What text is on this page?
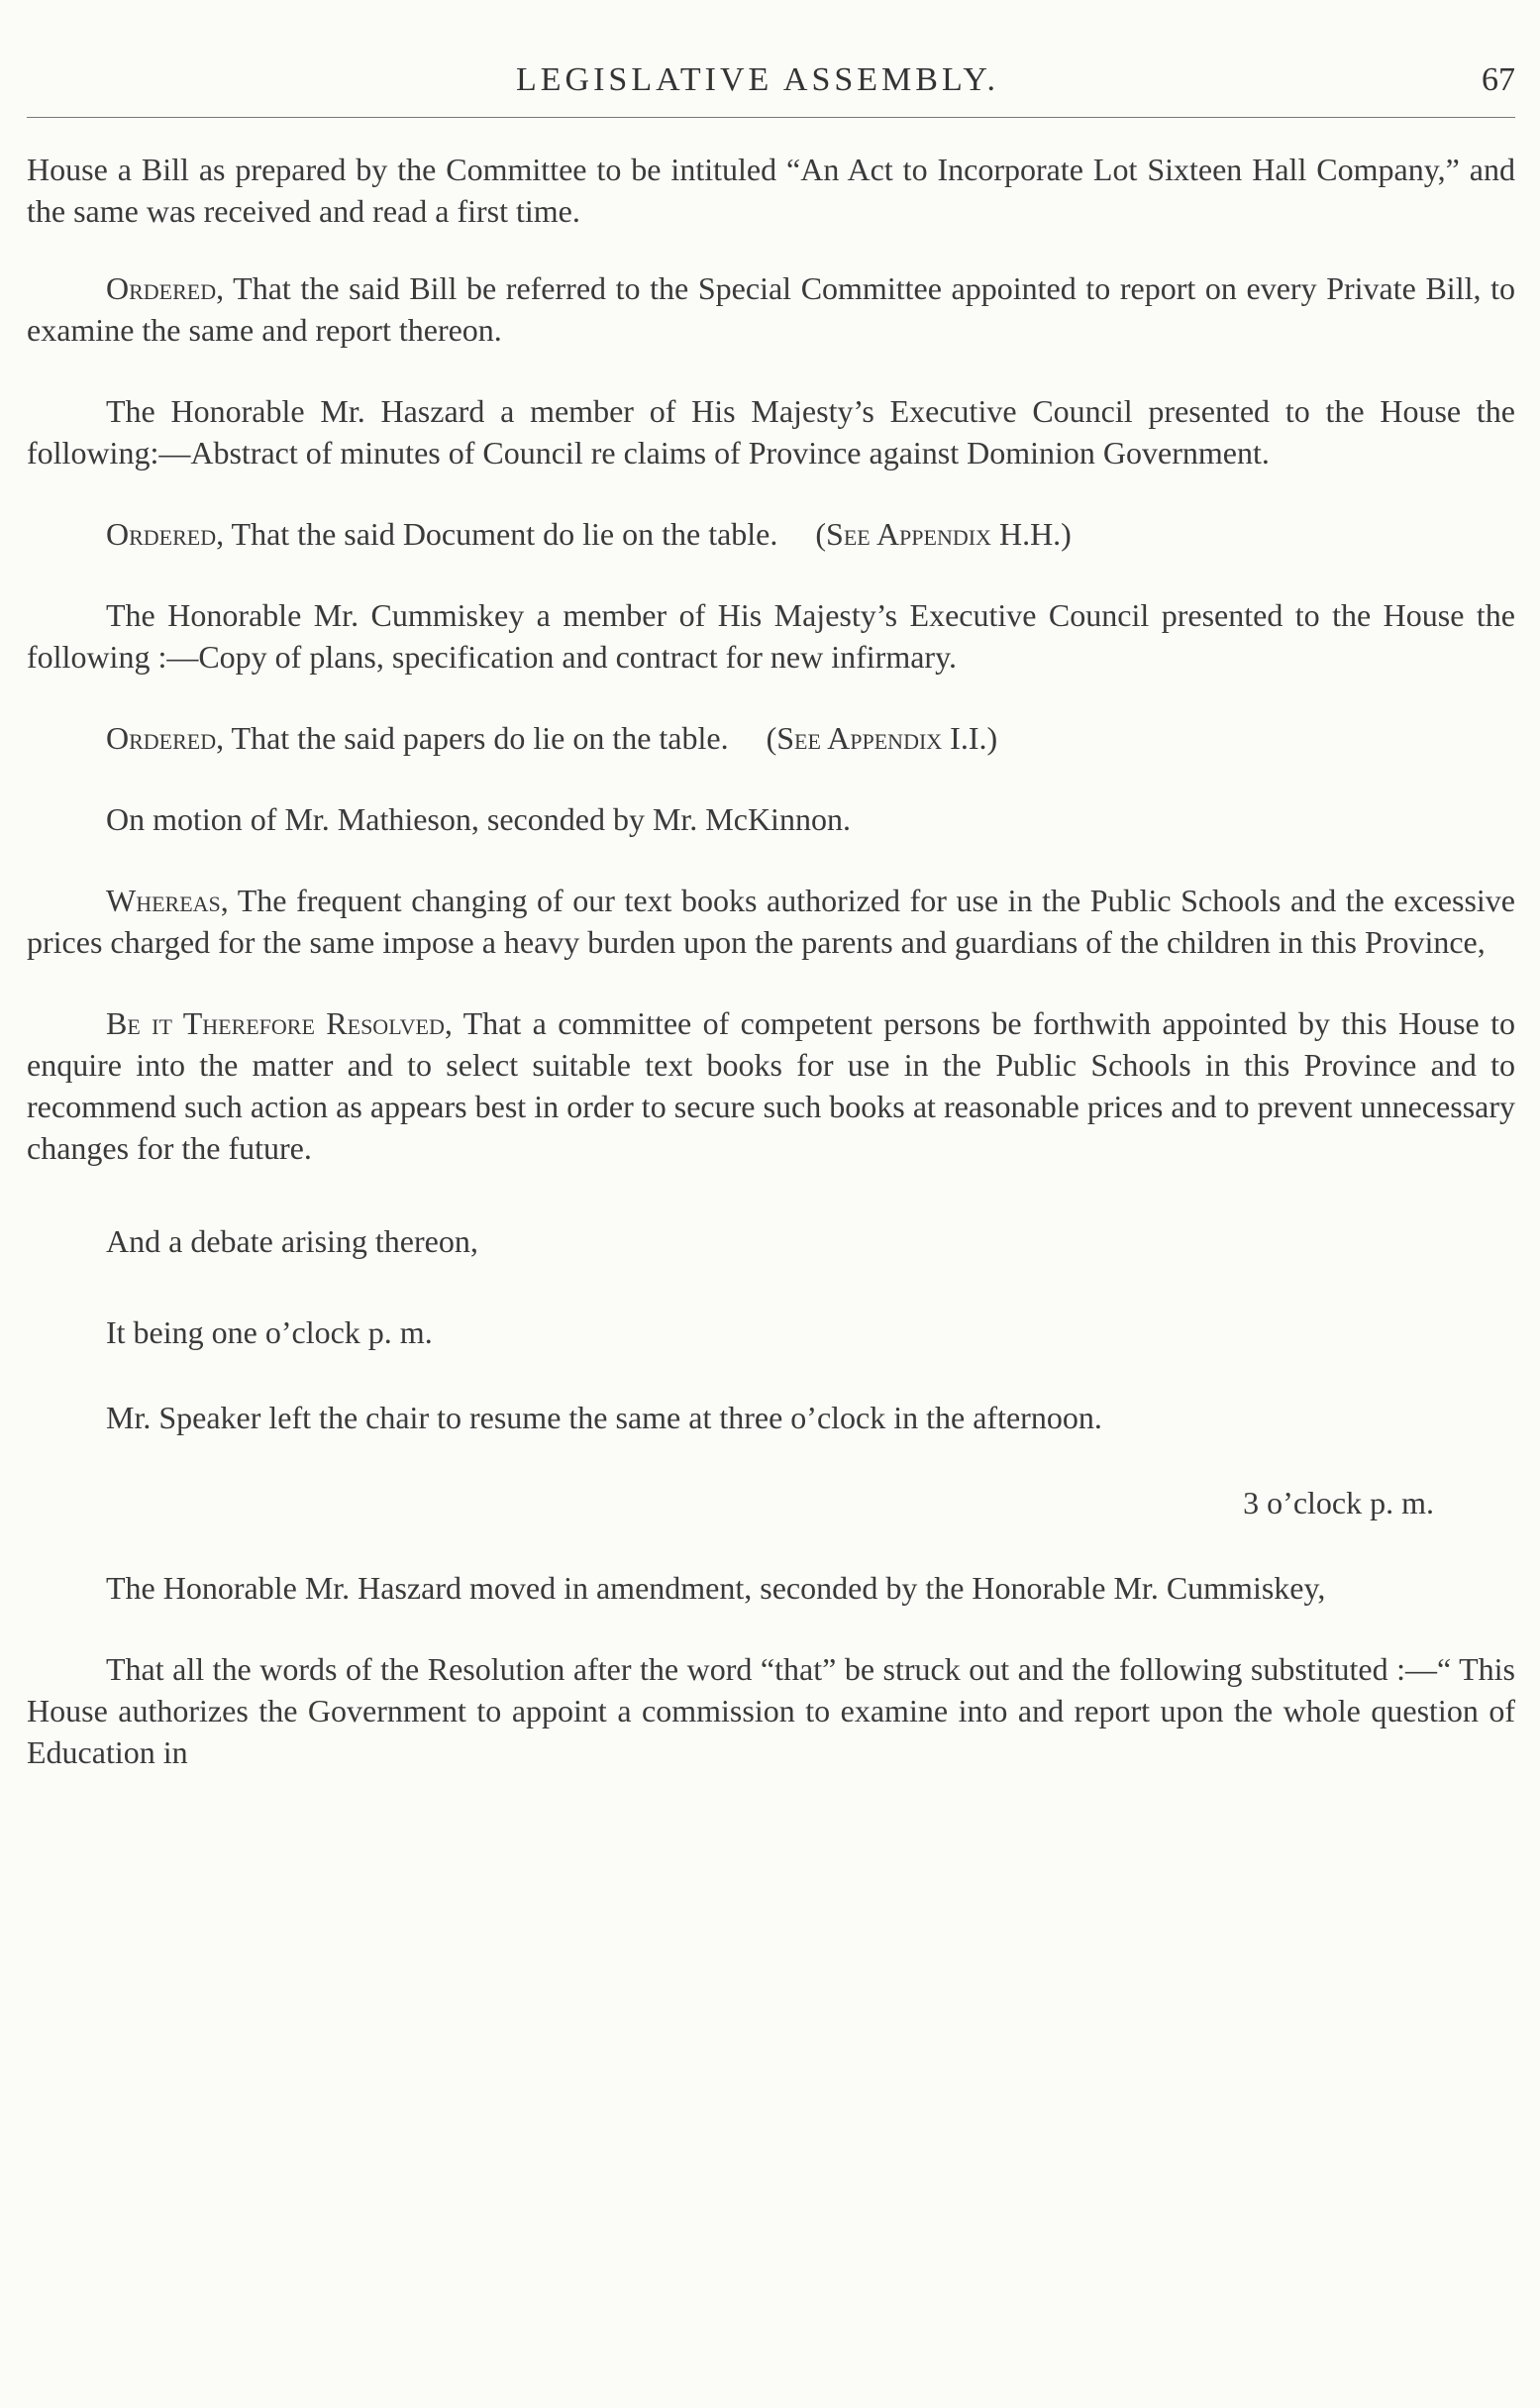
LEGISLATIVE ASSEMBLY.	67

House a Bill as prepared by the Committee to be intituled “An Act to Incorporate Lot Sixteen Hall Company,” and the same was received and read a first time.

Ordered, That the said Bill be referred to the Special Committee appointed to report on every Private Bill, to examine the same and report thereon.

The Honorable Mr. Haszard a member of His Majesty’s Executive Council presented to the House the following:—Abstract of minutes of Council re claims of Province against Dominion Government.

Ordered, That the said Document do lie on the table. (See Appendix H.H.)

The Honorable Mr. Cummiskey a member of His Majesty’s Executive Council presented to the House the following :—Copy of plans, specification and contract for new infirmary.

Ordered, That the said papers do lie on the table. (See Appendix I.I.)

On motion of Mr. Mathieson, seconded by Mr. McKinnon.

Whereas, The frequent changing of our text books authorized for use in the Public Schools and the excessive prices charged for the same impose a heavy burden upon the parents and guardians of the children in this Province,

Be it Therefore Resolved, That a committee of competent persons be forthwith appointed by this House to enquire into the matter and to select suitable text books for use in the Public Schools in this Province and to recommend such action as appears best in order to secure such books at reasonable prices and to prevent unnecessary changes for the future.

And a debate arising thereon,

It being one o’clock p. m.

Mr. Speaker left the chair to resume the same at three o’clock in the afternoon.

3 o’clock p. m.

The Honorable Mr. Haszard moved in amendment, seconded by the Honorable Mr. Cummiskey,

That all the words of the Resolution after the word “that” be struck out and the following substituted :—“ This House authorizes the Government to appoint a commission to examine into and report upon the whole question of Education in
